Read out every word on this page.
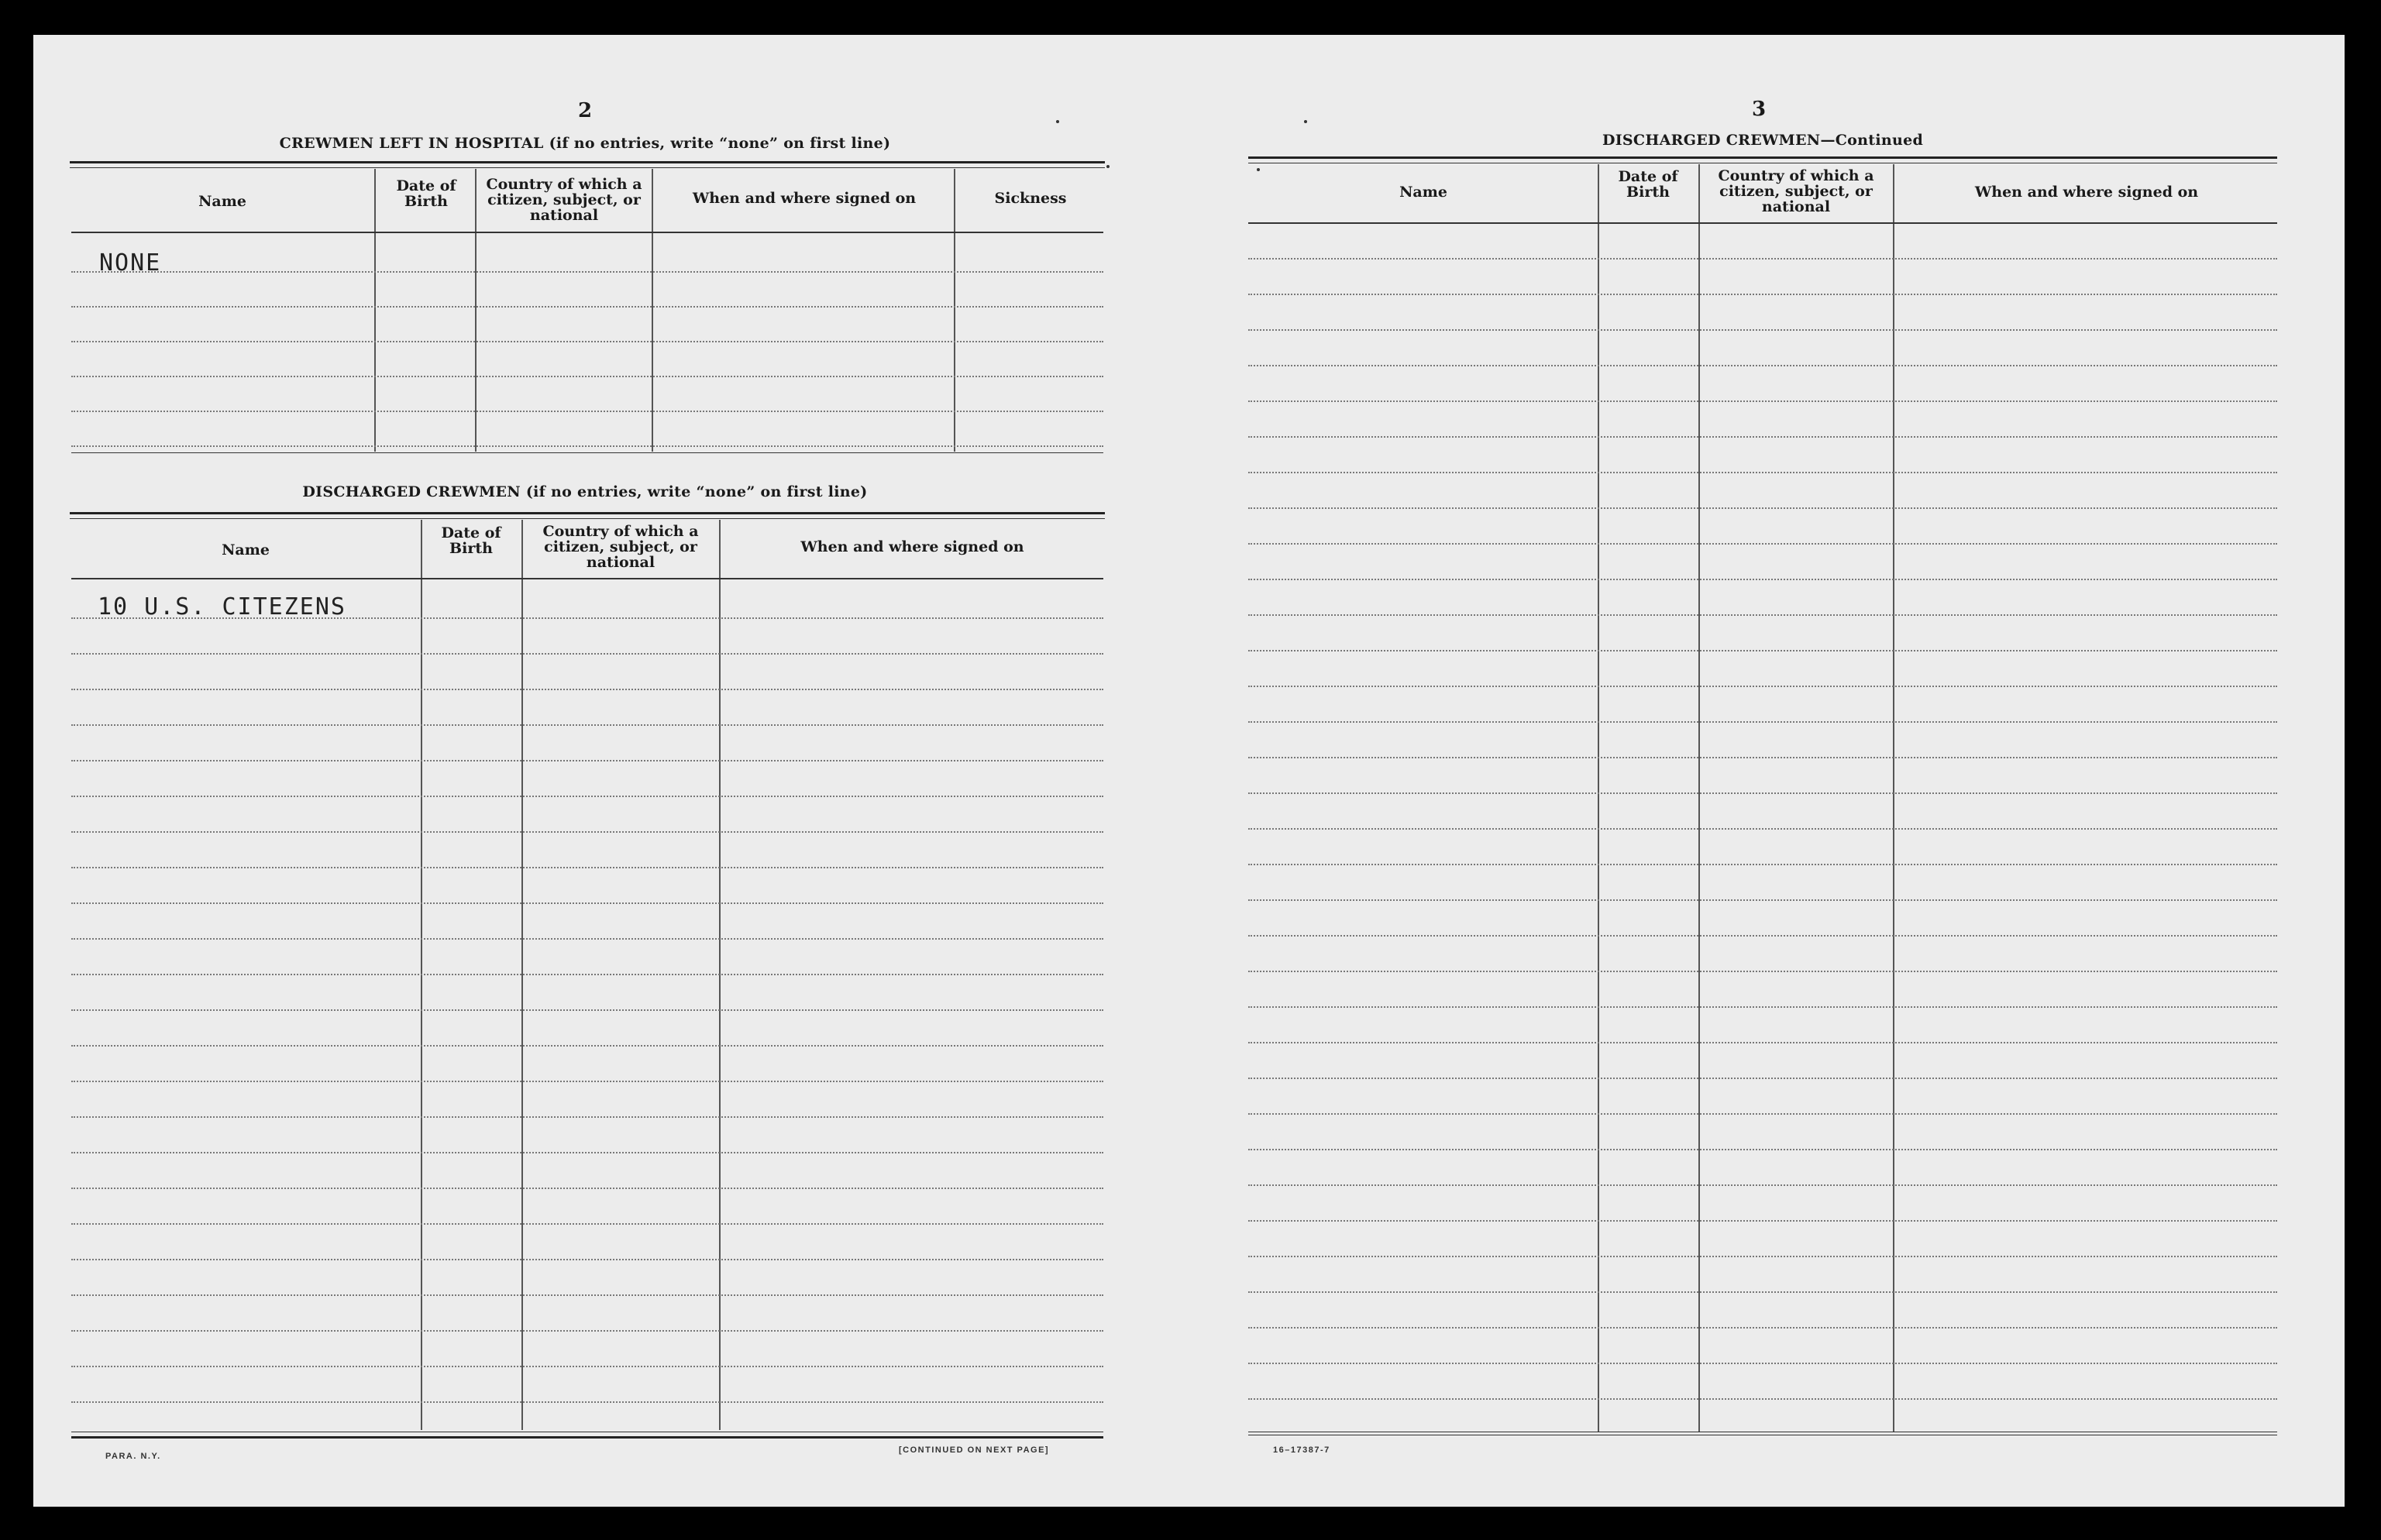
2
CREWMEN LEFT IN HOSPITAL (if no entries, write “none” on first line)
Name
Date of Birth
Country of which a citizen, subject, or national
When and where signed on	Sickness
NONE
DISCHARGED CREWMEN (if no entries, write “none” on first line)
Name
Date of Birth
Country of which a citizen, subject, or national
When and where signed on
10 U.S. CITEZENS
PARA. N.Y.
[CONTINUED ON NEXT PAGE]
3
DISCHARGED CREWMEN—Continued
Name
Date of Birth
Country of which a citizen, subject, or national
When and where signed on
16–17387-7
